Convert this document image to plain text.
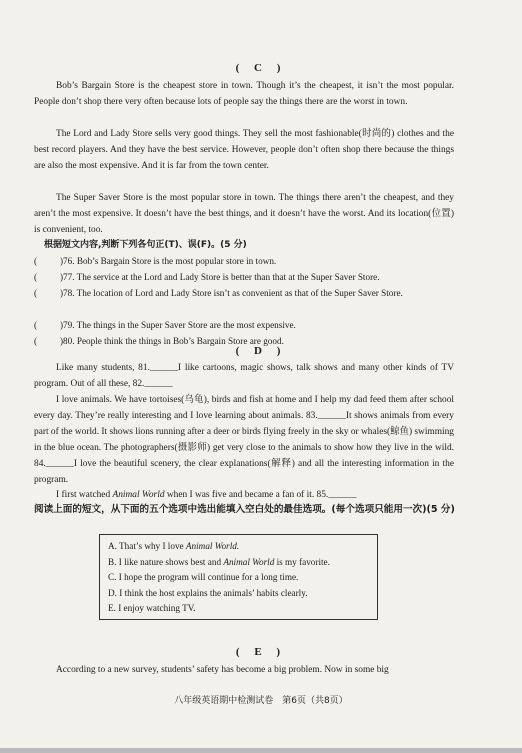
( C )
Bob’s Bargain Store is the cheapest store in town. Though it’s the cheapest, it isn’t the most popular. People don’t shop there very often because lots of people say the things there are the worst in town.
The Lord and Lady Store sells very good things. They sell the most fashionable(时尚的) clothes and the best record players. And they have the best service. However, people don’t often shop there because the things are also the most expensive. And it is far from the town center.
The Super Saver Store is the most popular store in town. The things there aren’t the cheapest, and they aren’t the most expensive. It doesn’t have the best things, and it doesn’t have the worst. And its location(位置) is convenient, too.
根据短文内容,判断下列各句正(T)、误(F)。(5 分)
( )76. Bob’s Bargain Store is the most popular store in town.
( )77. The service at the Lord and Lady Store is better than that at the Super Saver Store.
(	)78. The location of Lord and Lady Store isn’t as convenient as that of the Super Saver Store.
( )79. The things in the Super Saver Store are the most expensive.
( )80. People think the things in Bob’s Bargain Store are good.
( D )
Like many students, 81.______I like cartoons, magic shows, talk shows and many other kinds of TV program. Out of all these, 82.______
I love animals. We have tortoises(乌龟), birds and fish at home and I help my dad feed them after school every day. They’re really interesting and I love learning about animals. 83.______It shows animals from every part of the world. It shows lions running after a deer or birds flying freely in the sky or whales(鲸鱼) swimming in the blue ocean. The photographers(摄影师) get very close to the animals to show how they live in the wild. 84.______I love the beautiful scenery, the clear explanations(解释) and all the interesting information in the program.
I first watched Animal World when I was five and became a fan of it. 85.______
阅读上面的短文，从下面的五个选项中选出能填入空白处的最佳选项。(每个选项只能用一次)(5 分)
A. That’s why I love Animal World.
B. I like nature shows best and Animal World is my favorite.
C. I hope the program will continue for a long time.
D. I think the host explains the animals’ habits clearly.
E. I enjoy watching TV.
( E )
According to a new survey, students’ safety has become a big problem. Now in some big
八年级英语期中检测试卷　第6页（共8页）
